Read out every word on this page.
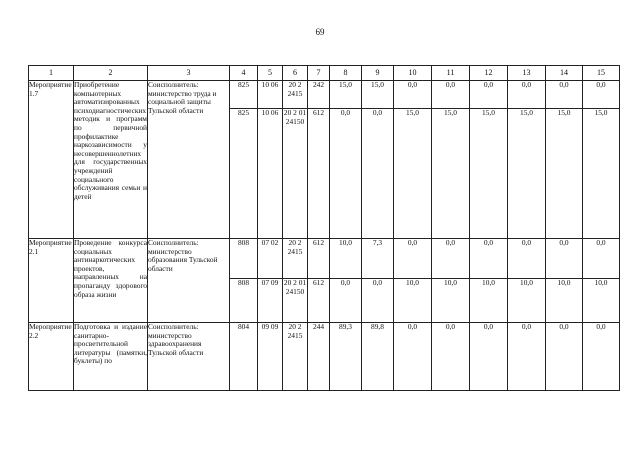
69
1	2	3	4	5	6	7	8	9	10	11	12	13	14	15
Мероприятие 1.7	Приобретение компьютерных автоматизированных психодиагностических методик и программ по первичной профилактике наркозависимости у несовершеннолетних для государственных учреждений социального обслуживания семьи и детей	Соисполнитель: министерство труда и социальной защиты Тульской области	825	10 06	20 2 2415	242	15,0	15,0	0,0	0,0	0,0	0,0	0,0	0,0
			825	10 06	20 2 01 24150	612	0,0	0,0	15,0	15,0	15,0	15,0	15,0	15,0
Мероприятие 2.1	Проведение конкурса социальных антинаркотических проектов, направленных на пропаганду здорового образа жизни	Соисполнитель: министерство образования Тульской области	808	07 02	20 2 2415	612	10,0	7,3	0,0	0,0	0,0	0,0	0,0	0,0
			808	07 09	20 2 01 24150	612	0,0	0,0	10,0	10,0	10,0	10,0	10,0	10,0
Мероприятие 2.2	Подготовка и издание санитарно-просветительной литературы (памятки, буклеты) по	Соисполнитель: министерство здравоохранения Тульской области	804	09 09	20 2 2415	244	89,3	89,8	0,0	0,0	0,0	0,0	0,0	0,0
